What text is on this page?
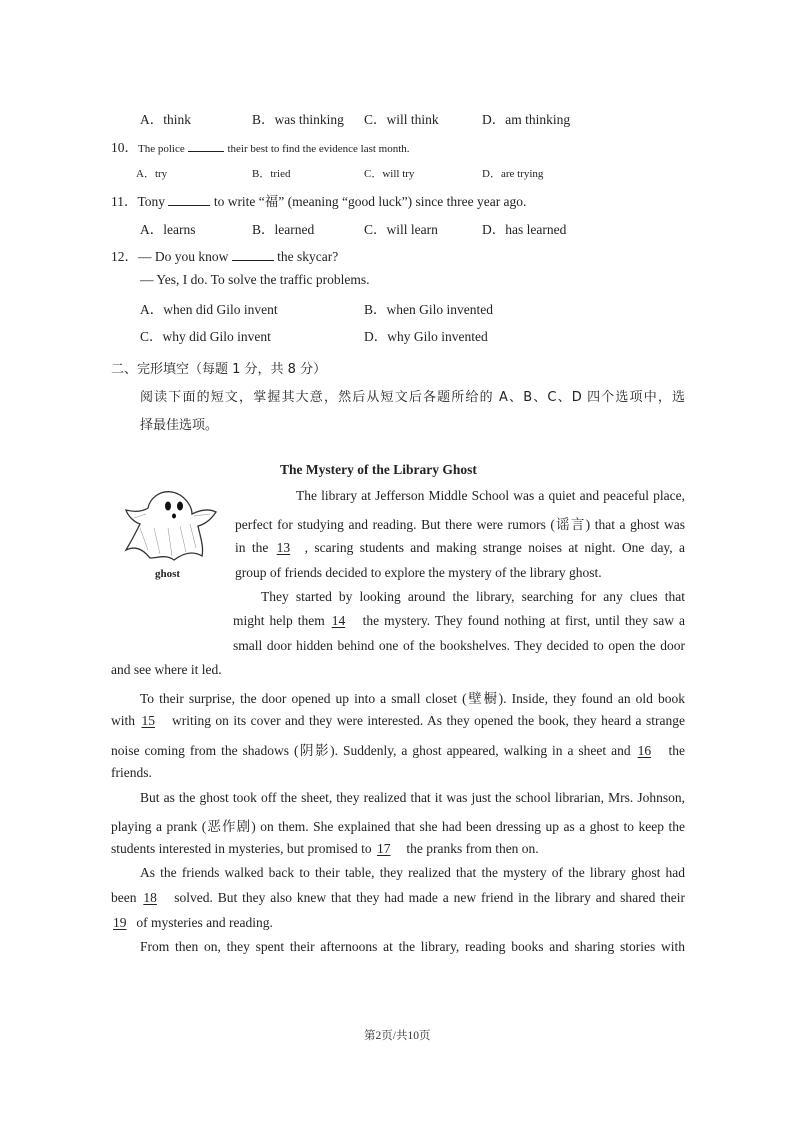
A．think	B．was thinking C．will think	D．am thinking
10．The police	their best to find the evidence last month.
A．try	B．tried	C．will try	D．are trying
11．Tony	to write “福” (meaning “good luck”) since three year ago.
A．learns	B．learned	C．will learn	D．has learned
12．— Do you know	the skycar?
— Yes, I do. To solve the traffic problems.
A．when did Gilo invent	B．when Gilo invented
C．why did Gilo invent	D．why Gilo invented
二、完形填空（每题 1 分，共 8 分）
阅读下面的短文，掌握其大意，然后从短文后各题所给的 A、B、C、D 四个选项中，选
择最佳选项。
The Mystery of the Library Ghost
ghost
The library at Jefferson Middle School was a quiet and peaceful place,
perfect for studying and reading. But there were rumors (谣言) that a ghost was
in the 13 , scaring students and making strange noises at night. One day, a
group of friends decided to explore the mystery of the library ghost.
They started by looking around the library, searching for any clues that
might help them 14 the mystery. They found nothing at first, until they saw a
small door hidden behind one of the bookshelves. They decided to open the door
and see where it led.
To their surprise, the door opened up into a small closet (壁橱). Inside, they found an old book
with 15 writing on its cover and they were interested. As they opened the book, they heard a strange
noise coming from the shadows (阴影). Suddenly, a ghost appeared, walking in a sheet and 16 the
friends.
But as the ghost took off the sheet, they realized that it was just the school librarian, Mrs. Johnson,
playing a prank (恶作剧) on them. She explained that she had been dressing up as a ghost to keep the
students interested in mysteries, but promised to 17 the pranks from then on.
As the friends walked back to their table, they realized that the mystery of the library ghost had
been 18 solved. But they also knew that they had made a new friend in the library and shared their
19 of mysteries and reading.
From then on, they spent their afternoons at the library, reading books and sharing stories with
第2页/共10页
